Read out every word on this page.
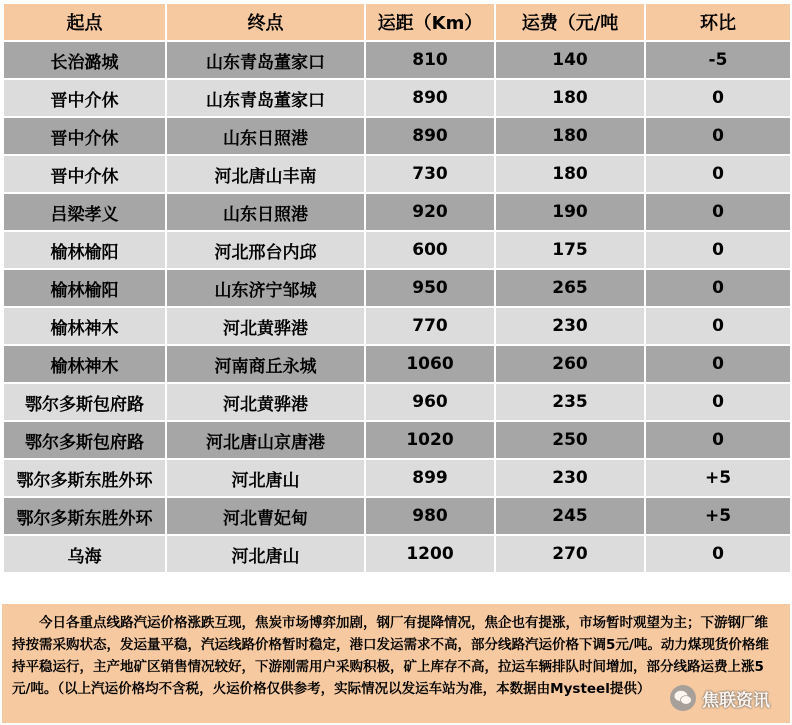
起点	终点	运距（Km）	运费（元/吨	环比
长治潞城	山东青岛董家口	810	140	-5
晋中介休	山东青岛董家口	890	180	0
晋中介休	山东日照港	890	180	0
晋中介休	河北唐山丰南	730	180	0
吕梁孝义	山东日照港	920	190	0
榆林榆阳	河北邢台内邱	600	175	0
榆林榆阳	山东济宁邹城	950	265	0
榆林神木	河北黄骅港	770	230	0
榆林神木	河南商丘永城	1060	260	0
鄂尔多斯包府路	河北黄骅港	960	235	0
鄂尔多斯包府路	河北唐山京唐港	1020	250	0
鄂尔多斯东胜外环	河北唐山	899	230	+5
鄂尔多斯东胜外环	河北曹妃甸	980	245	+5
乌海	河北唐山	1200	270	0
今日各重点线路汽运价格涨跌互现，焦炭市场博弈加剧，钢厂有提降情况，焦企也有提涨，市场暂时观望为主；下游钢厂维持按需采购状态，发运量平稳，汽运线路价格暂时稳定，港口发运需求不高，部分线路汽运价格下调5元/吨。动力煤现货价格维持平稳运行，主产地矿区销售情况较好，下游刚需用户采购积极，矿上库存不高，拉运车辆排队时间增加，部分线路运费上涨5元/吨。（以上汽运价格均不含税，火运价格仅供参考，实际情况以发运车站为准，本数据由Mysteel提供）
焦联资讯
